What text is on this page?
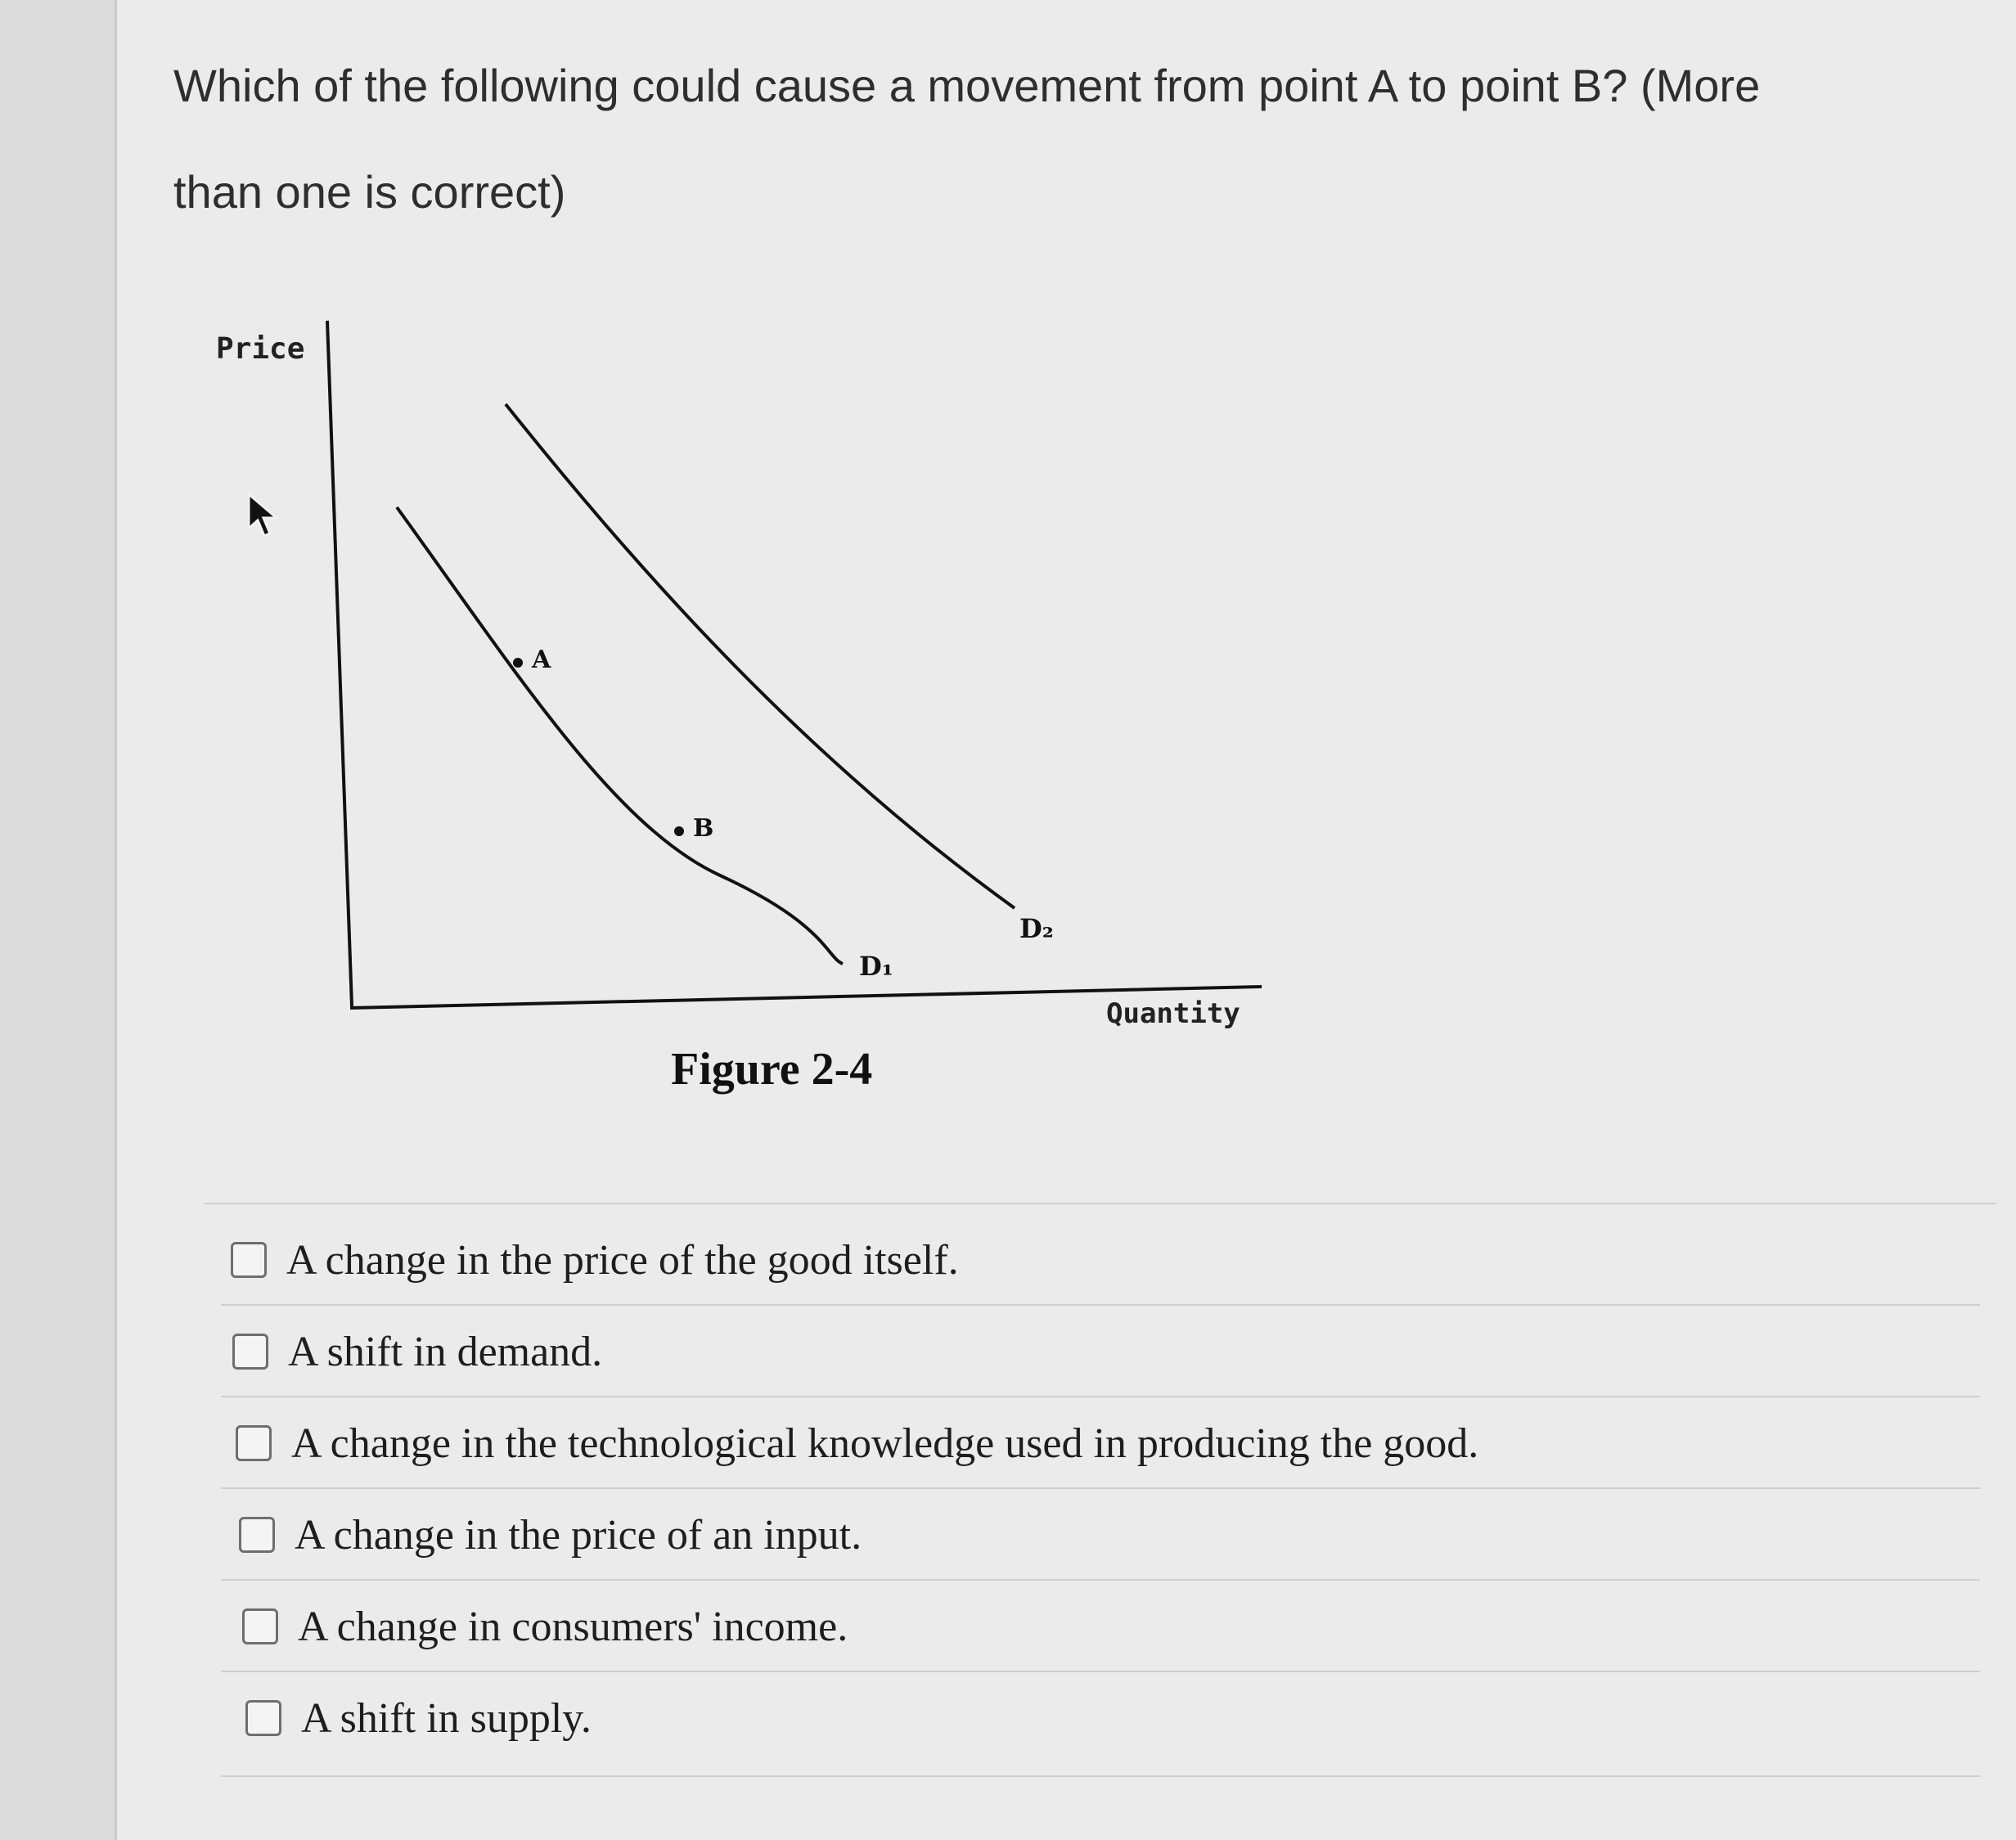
Which of the following could cause a movement from point A to point B? (More than one is correct)

Price
Quantity
D₁
D₂
A
B
Figure 2-4
A change in the price of the good itself.
A shift in demand.
A change in the technological knowledge used in producing the good.
A change in the price of an input.
A change in consumers' income.
A shift in supply.
